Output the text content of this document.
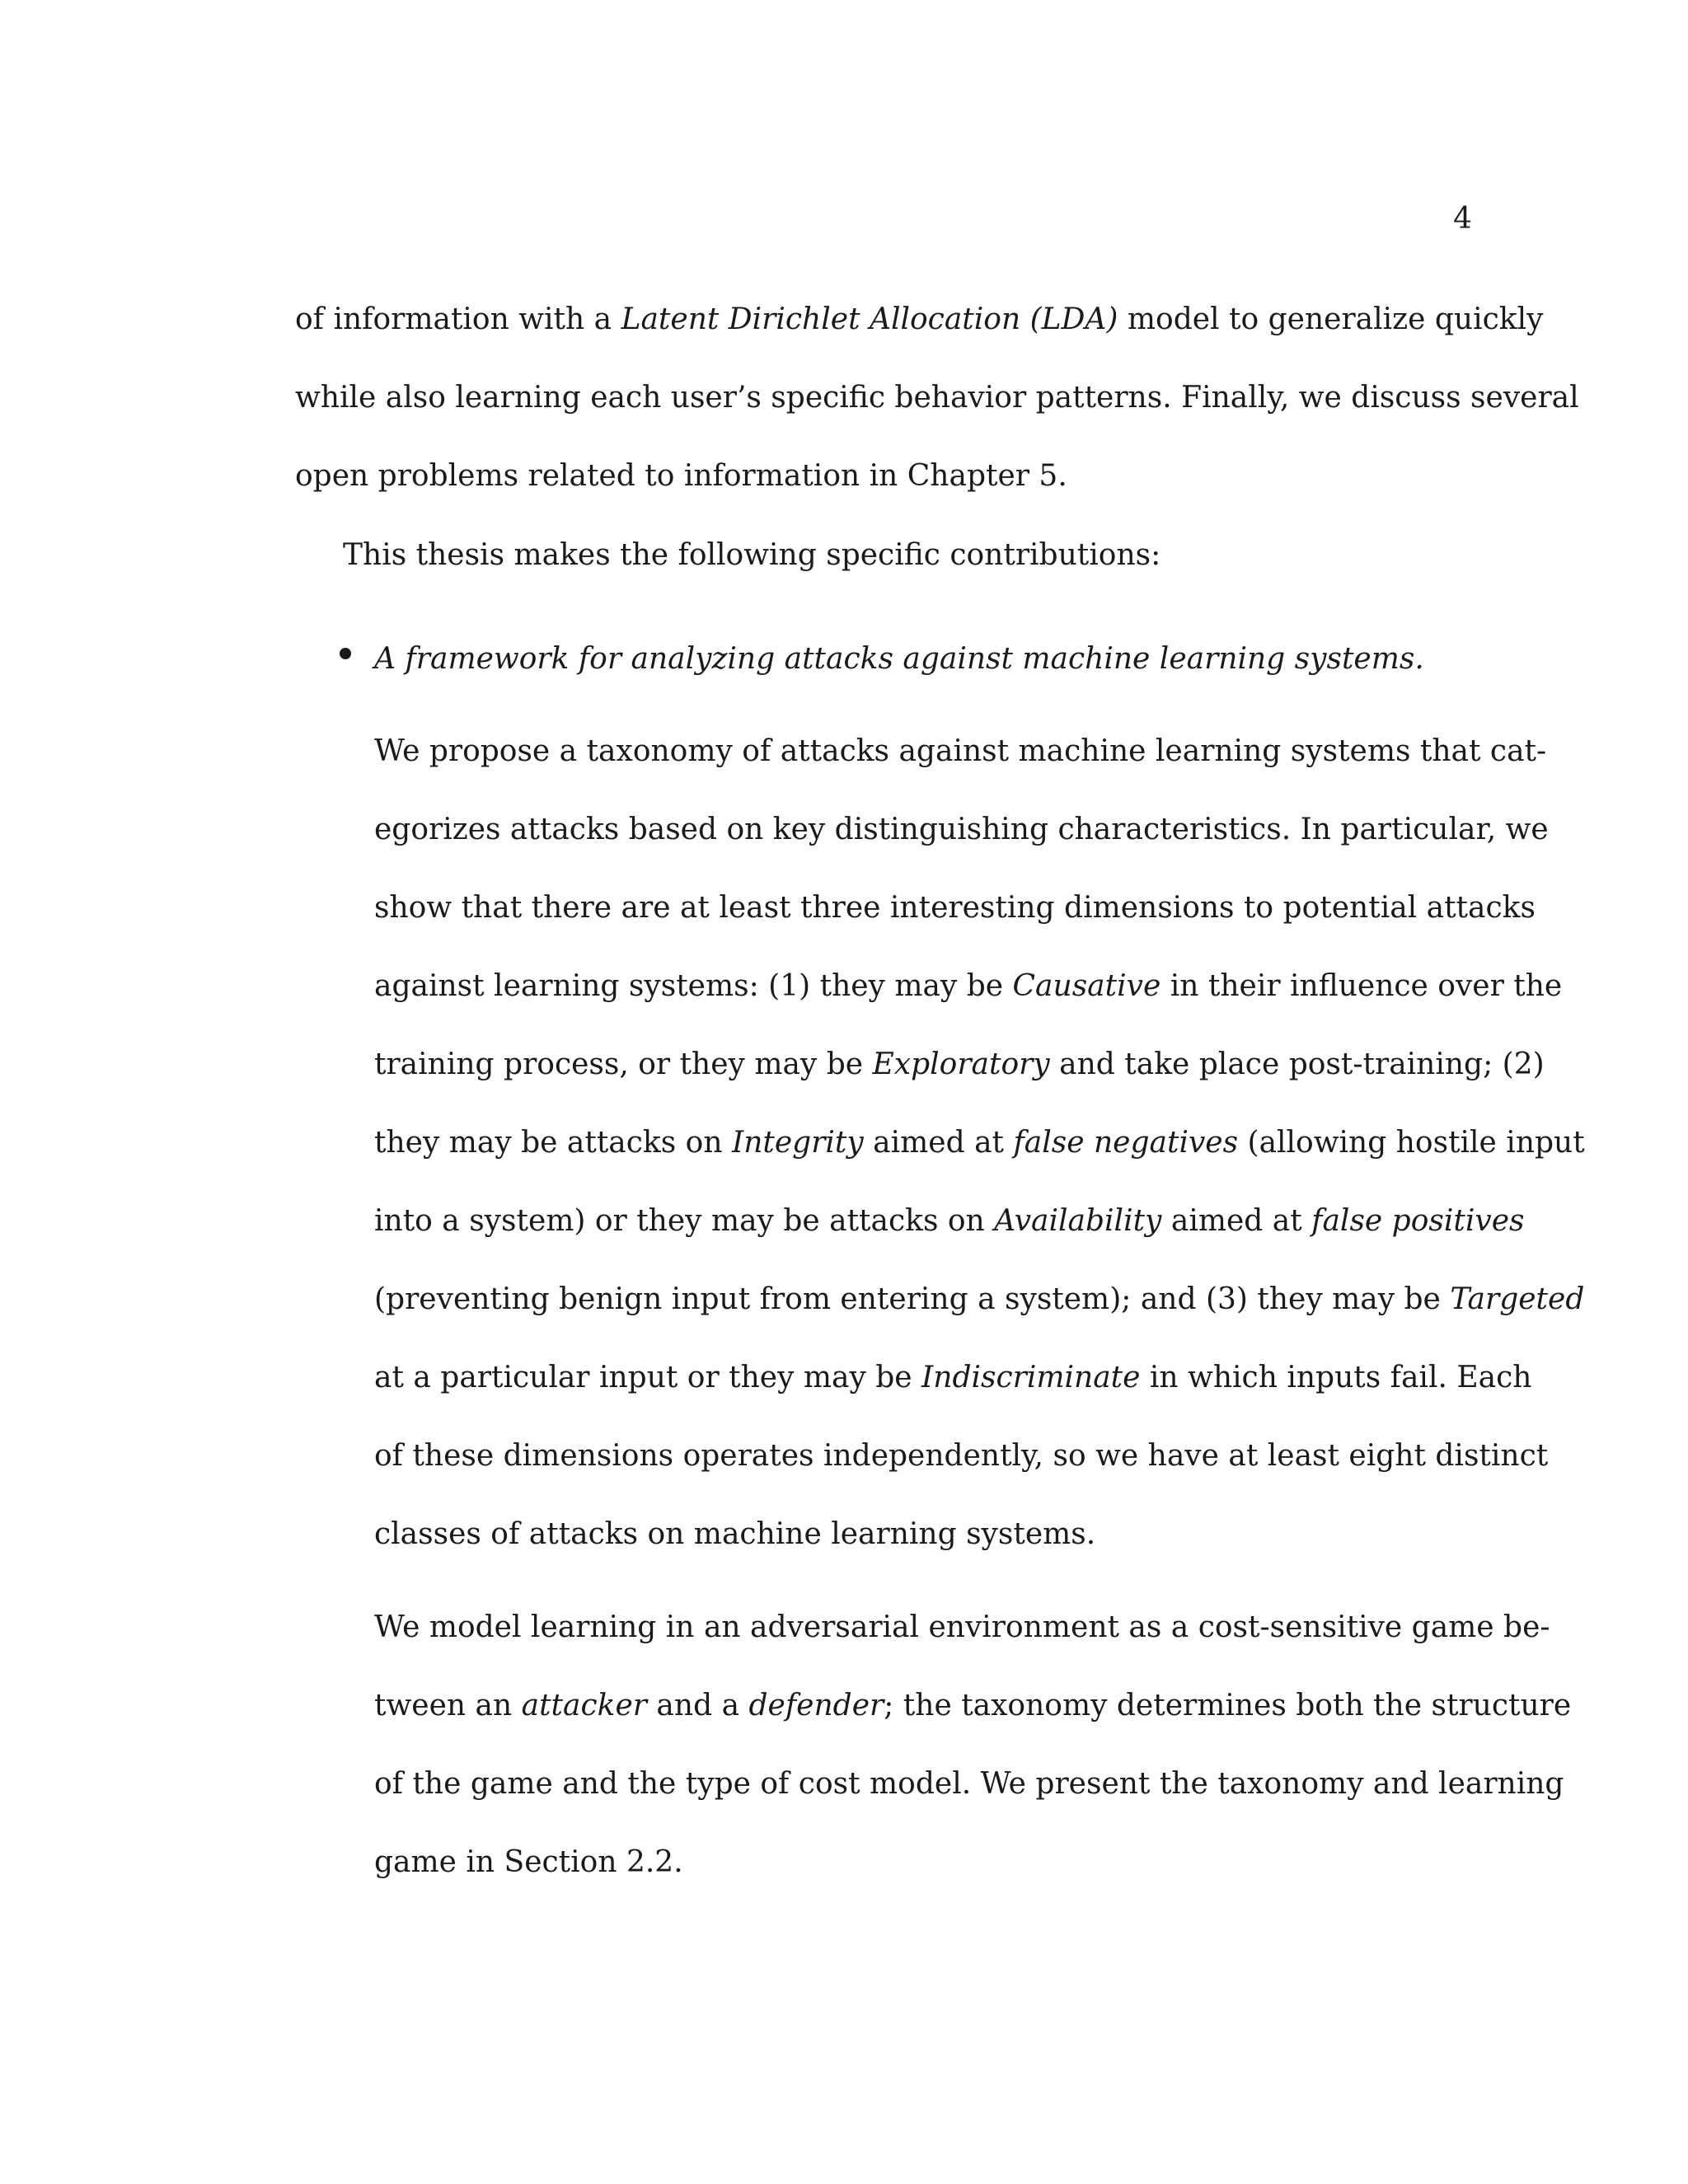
4
of information with a Latent Dirichlet Allocation (LDA) model to generalize quickly
while also learning each user’s specific behavior patterns. Finally, we discuss several
open problems related to information in Chapter 5.
This thesis makes the following specific contributions:
A framework for analyzing attacks against machine learning systems.
We propose a taxonomy of attacks against machine learning systems that cat-
egorizes attacks based on key distinguishing characteristics. In particular, we
show that there are at least three interesting dimensions to potential attacks
against learning systems: (1) they may be Causative in their influence over the
training process, or they may be Exploratory and take place post-training; (2)
they may be attacks on Integrity aimed at false negatives (allowing hostile input
into a system) or they may be attacks on Availability aimed at false positives
(preventing benign input from entering a system); and (3) they may be Targeted
at a particular input or they may be Indiscriminate in which inputs fail. Each
of these dimensions operates independently, so we have at least eight distinct
classes of attacks on machine learning systems.
We model learning in an adversarial environment as a cost-sensitive game be-
tween an attacker and a defender; the taxonomy determines both the structure
of the game and the type of cost model. We present the taxonomy and learning
game in Section 2.2.
